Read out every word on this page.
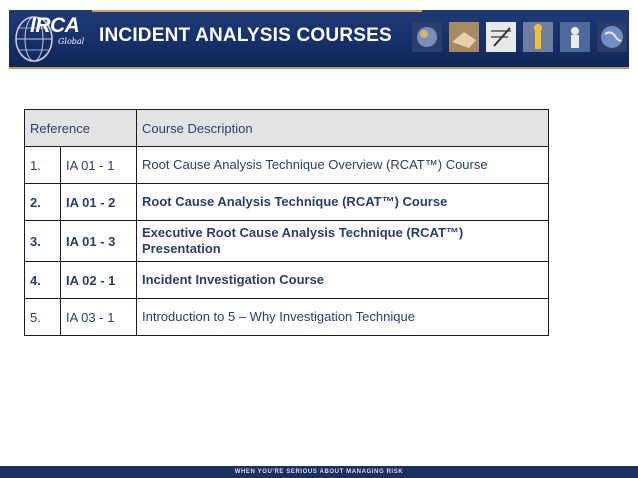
IRCA
Global INCIDENT ANALYSIS COURSES
Reference		Course Description
1.	IA 01 - 1	Root Cause Analysis Technique Overview (RCAT™) Course
2.	IA 01 - 2	Root Cause Analysis Technique (RCAT™) Course
3.	IA 01 - 3	Executive Root Cause Analysis Technique (RCAT™) Presentation
4.	IA 02 - 1	Incident Investigation Course
5.	IA 03 - 1	Introduction to 5 – Why Investigation Technique
WHEN YOU'RE SERIOUS ABOUT MANAGING RISK
